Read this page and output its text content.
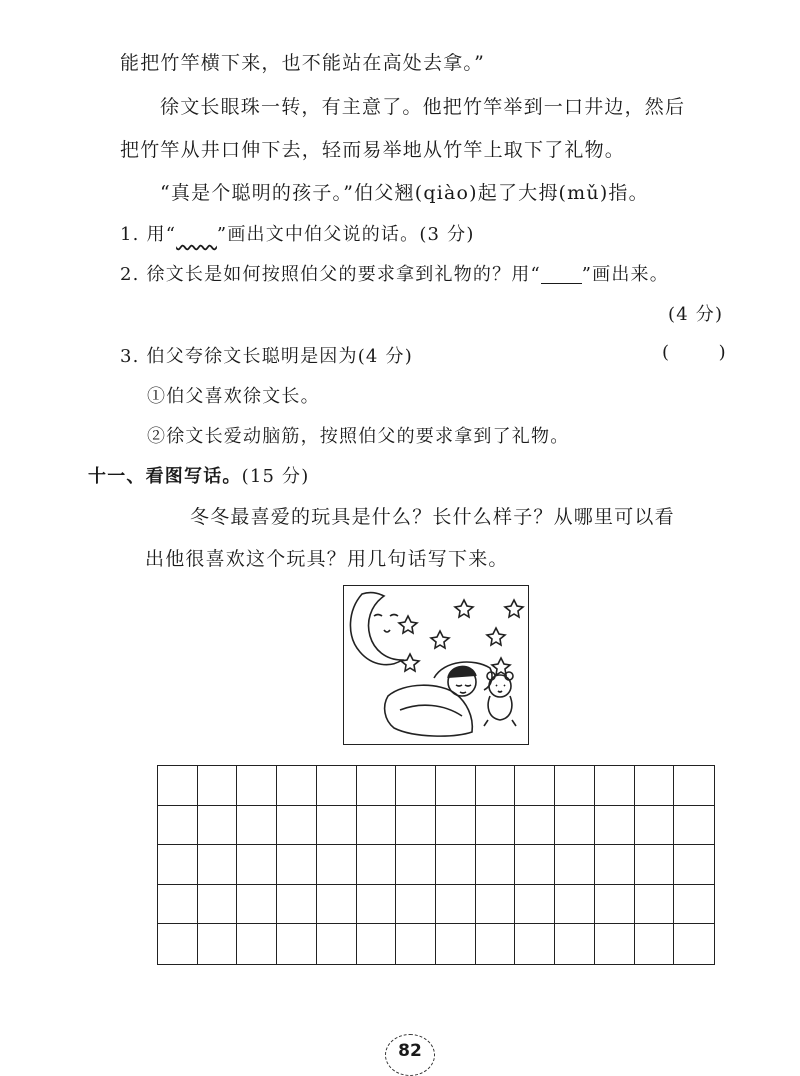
能把竹竿横下来，也不能站在高处去拿。”
徐文长眼珠一转，有主意了。他把竹竿举到一口井边，然后
把竹竿从井口伸下去，轻而易举地从竹竿上取下了礼物。
“真是个聪明的孩子。”伯父翘(qiào)起了大拇(mǔ)指。
1. 用“ ”画出文中伯父说的话。(3 分)
2. 徐文长是如何按照伯父的要求拿到礼物的？用“ ”画出来。
(4 分)
3. 伯父夸徐文长聪明是因为(4 分)	(       )
①伯父喜欢徐文长。
②徐文长爱动脑筋，按照伯父的要求拿到了礼物。
十一、看图写话。(15 分)
冬冬最喜爱的玩具是什么？长什么样子？从哪里可以看
出他很喜欢这个玩具？用几句话写下来。
82
